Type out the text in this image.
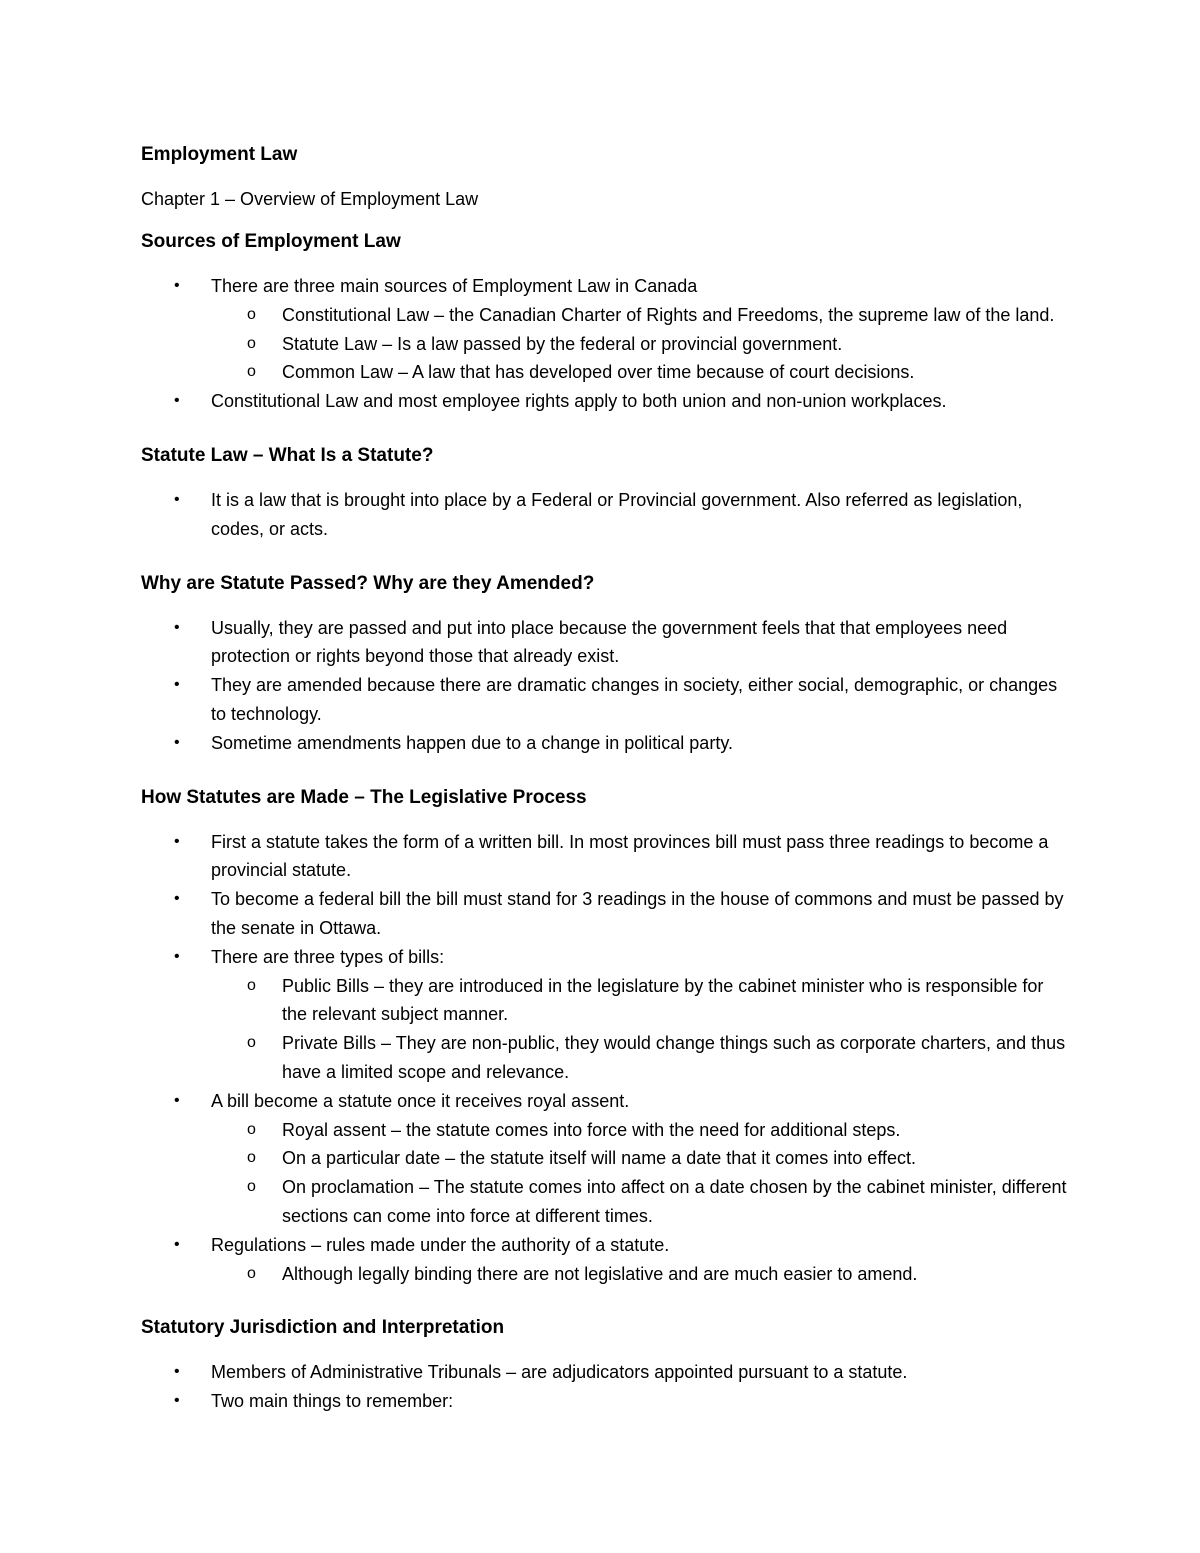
Employment Law
Chapter 1 – Overview of Employment Law
Sources of Employment Law
• There are three main sources of Employment Law in Canada
o Constitutional Law – the Canadian Charter of Rights and Freedoms, the supreme law of the land.
o Statute Law – Is a law passed by the federal or provincial government.
o Common Law – A law that has developed over time because of court decisions.
• Constitutional Law and most employee rights apply to both union and non-union workplaces.
Statute Law – What Is a Statute?
• It is a law that is brought into place by a Federal or Provincial government. Also referred as legislation, codes, or acts.
Why are Statute Passed? Why are they Amended?
• Usually, they are passed and put into place because the government feels that that employees need protection or rights beyond those that already exist.
• They are amended because there are dramatic changes in society, either social, demographic, or changes to technology.
• Sometime amendments happen due to a change in political party.
How Statutes are Made – The Legislative Process
• First a statute takes the form of a written bill. In most provinces bill must pass three readings to become a provincial statute.
• To become a federal bill the bill must stand for 3 readings in the house of commons and must be passed by the senate in Ottawa.
• There are three types of bills:
o Public Bills – they are introduced in the legislature by the cabinet minister who is responsible for the relevant subject manner.
o Private Bills – They are non-public, they would change things such as corporate charters, and thus have a limited scope and relevance.
• A bill become a statute once it receives royal assent.
o Royal assent – the statute comes into force with the need for additional steps.
o On a particular date – the statute itself will name a date that it comes into effect.
o On proclamation – The statute comes into affect on a date chosen by the cabinet minister, different sections can come into force at different times.
• Regulations – rules made under the authority of a statute.
o Although legally binding there are not legislative and are much easier to amend.
Statutory Jurisdiction and Interpretation
• Members of Administrative Tribunals – are adjudicators appointed pursuant to a statute.
• Two main things to remember:
